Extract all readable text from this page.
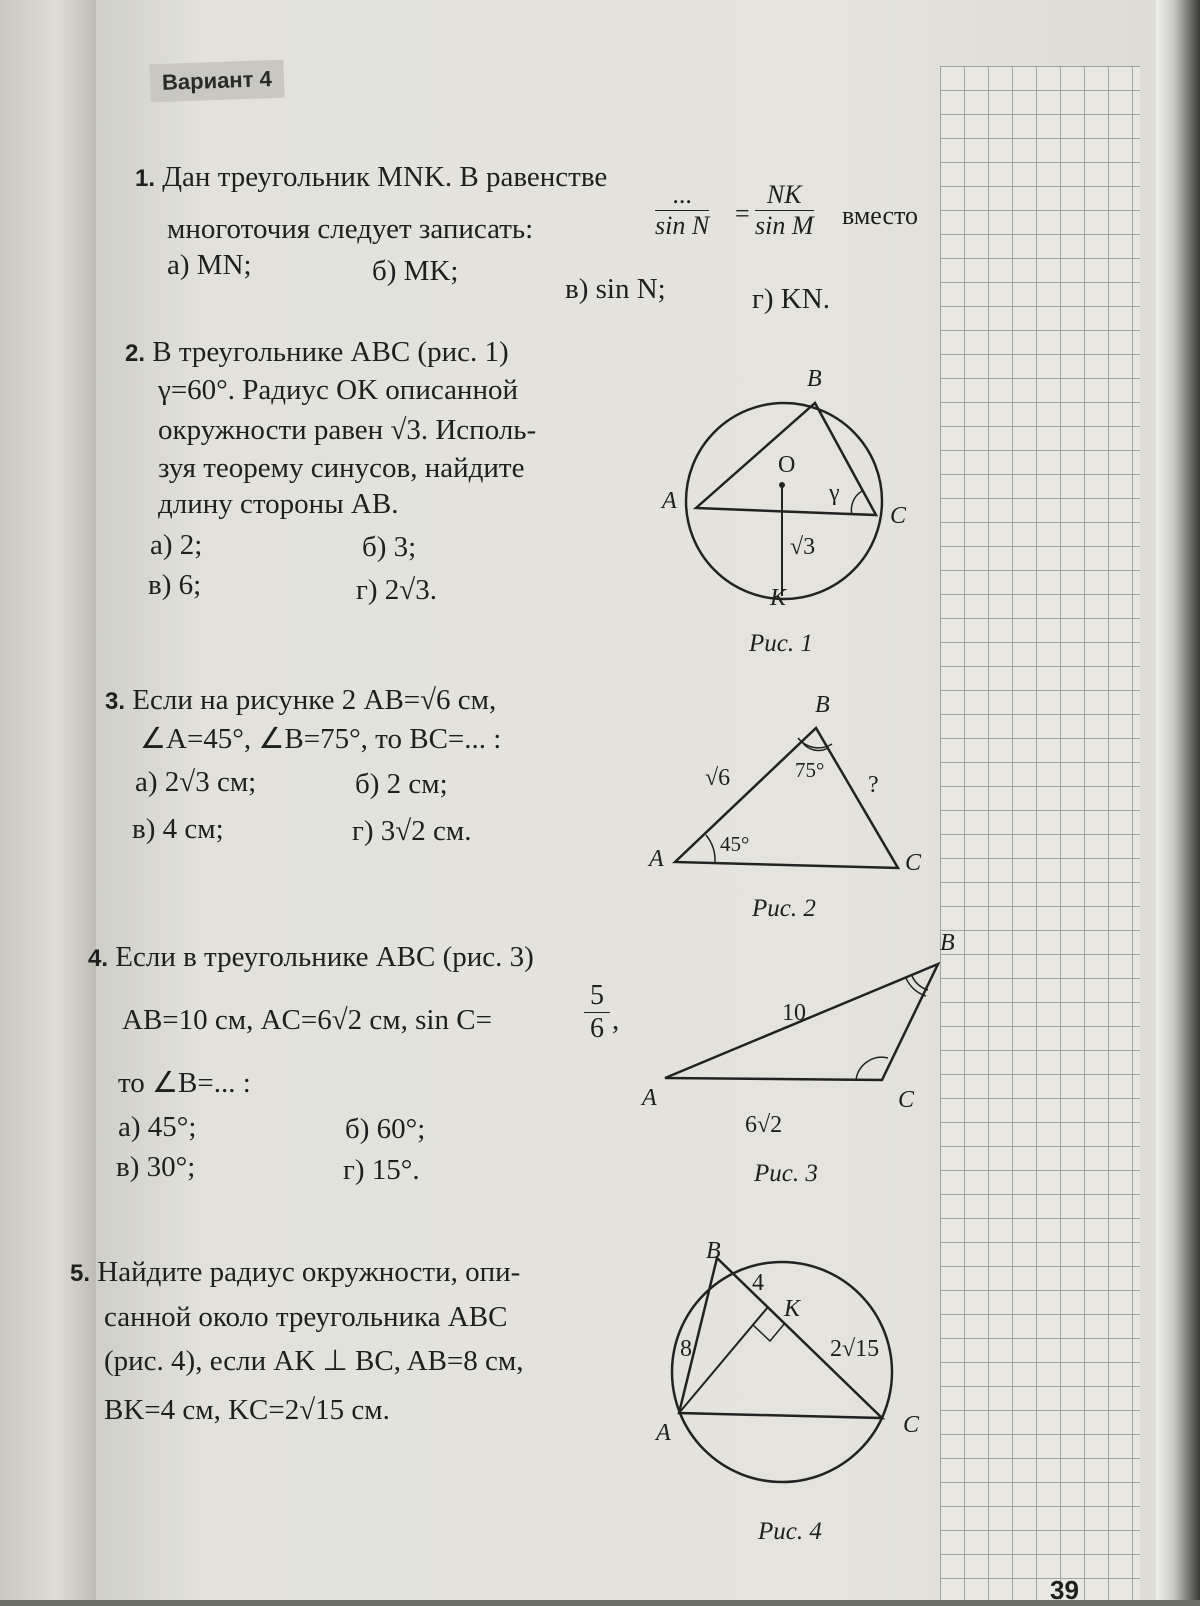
Вариант 4
1. Дан треугольник MNK. В равенстве
...
$\sin N = \frac{NK}{\text{sin M}}$ вместо
многоточия следует записать:
а) MN;	б) MK;
в) sin N;	г) KN.
2. В треугольнике ABC (рис. 1)
γ=60°. Радиус OK описанной
окружности равен √3. Исполь-
зуя теорему синусов, найдите
длину стороны AB.
а) 2;	б) 3;
в) 6;	г) 2√3.
B
A
C
O
K
γ
√3
Рис. 1
3. Если на рисунке 2 AB=√6 см,
∠A=45°, ∠B=75°, то BC=... :
а) 2√3 см;	б) 2 см;
в) 4 см;	г) 3√2 см.
B
A	C
√6
45°
75°
?
Рис. 2
4. Если в треугольнике ABC (рис. 3)
AB=10 см, AC=6√2 см, sin C=	$\frac{5}{6}$ ,
то ∠B=... :
а) 45°;	б) 60°;
в) 30°;	г) 15°.
B
A	C
10
6√2
Рис. 3
5. Найдите радиус окружности, опи-
санной около треугольника ABC
(рис. 4), если AK ⊥ BC, AB=8 см,
BK=4 см, KC=2√15 см.
B
A	C
K
8
4
2√15
Рис. 4
39
